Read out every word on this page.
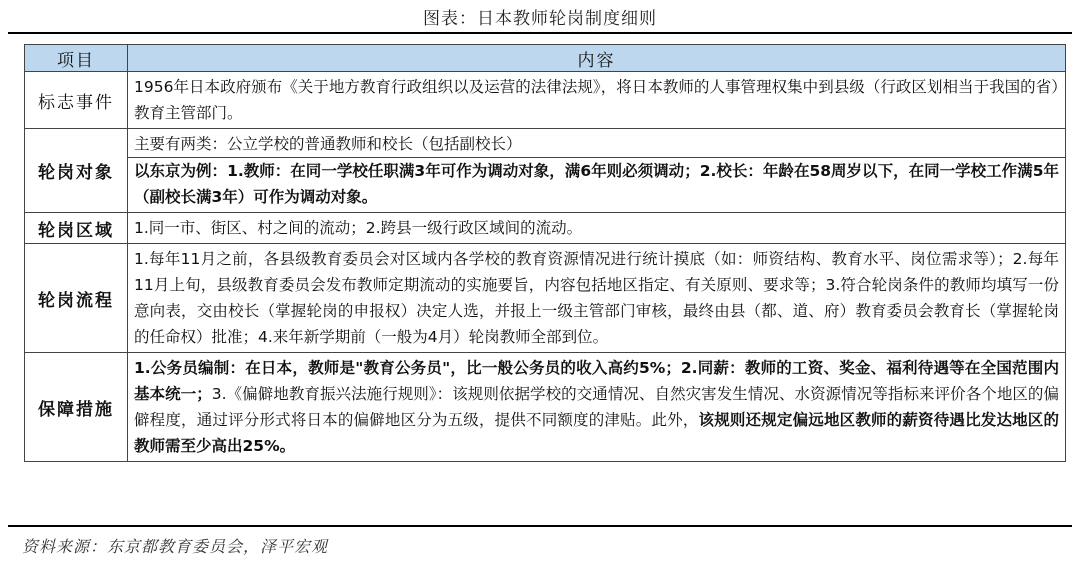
图表：日本教师轮岗制度细则
项目	内容
标志事件	1956年日本政府颁布《关于地方教育行政组织以及运营的法律法规》，将日本教师的人事管理权集中到县级（行政区划相当于我国的省）教育主管部门。
轮岗对象	主要有两类：公立学校的普通教师和校长（包括副校长）
以东京为例：1.教师：在同一学校任职满3年可作为调动对象，满6年则必须调动；2.校长：年龄在58周岁以下，在同一学校工作满5年（副校长满3年）可作为调动对象。

轮岗区域	1.同一市、街区、村之间的流动；2.跨县一级行政区域间的流动。
轮岗流程	1.每年11月之前，各县级教育委员会对区域内各学校的教育资源情况进行统计摸底（如：师资结构、教育水平、岗位需求等）；2.每年11月上旬，县级教育委员会发布教师定期流动的实施要旨，内容包括地区指定、有关原则、要求等；3.符合轮岗条件的教师均填写一份意向表，交由校长（掌握轮岗的申报权）决定人选，并报上一级主管部门审核，最终由县（都、道、府）教育委员会教育长（掌握轮岗的任命权）批准；4.来年新学期前（一般为4月）轮岗教师全部到位。
保障措施	1.公务员编制：在日本，教师是"教育公务员"，比一般公务员的收入高约5%；2.同薪：教师的工资、奖金、福利待遇等在全国范围内基本统一；3.《偏僻地教育振兴法施行规则》：该规则依据学校的交通情况、自然灾害发生情况、水资源情况等指标来评价各个地区的偏僻程度，通过评分形式将日本的偏僻地区分为五级，提供不同额度的津贴。此外，该规则还规定偏远地区教师的薪资待遇比发达地区的教师需至少高出25%。
资料来源：东京都教育委员会，泽平宏观
